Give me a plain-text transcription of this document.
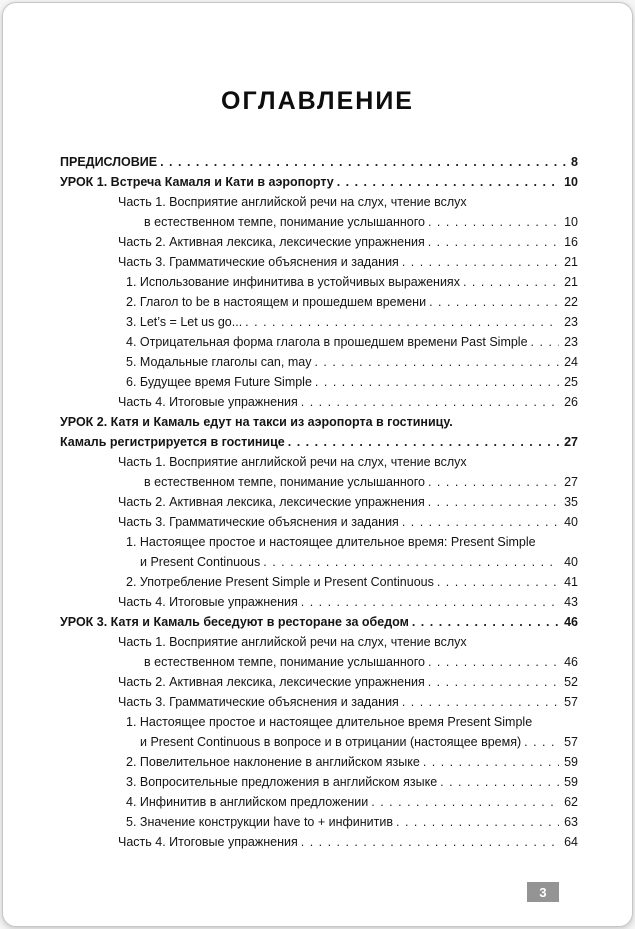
ОГЛАВЛЕНИЕ
ПРЕДИСЛОВИЕ . . .	8
УРОК 1. Встреча Камаля и Кати в аэропорту . . .	10
Часть 1. Восприятие английской речи на слух, чтение вслух
в естественном темпе, понимание услышанного . . .	10
Часть 2. Активная лексика, лексические упражнения . . .	16
Часть 3. Грамматические объяснения и задания . . .	21
1. Использование инфинитива в устойчивых выражениях . . .	21
2. Глагол to be в настоящем и прошедшем времени . . .	22
3. Let’s = Let us go... . . .	23
4. Отрицательная форма глагола в прошедшем времени Past Simple . . .	23
5. Модальные глаголы can, may . . .	24
6. Будущее время Future Simple . . .	25
Часть 4. Итоговые упражнения . . .	26
УРОК 2. Катя и Камаль едут на такси из аэропорта в гостиницу.
Камаль регистрируется в гостинице . . .	27
Часть 1. Восприятие английской речи на слух, чтение вслух
в естественном темпе, понимание услышанного . . .	27
Часть 2. Активная лексика, лексические упражнения . . .	35
Часть 3. Грамматические объяснения и задания . . .	40
1. Настоящее простое и настоящее длительное время: Present Simple
и Present Continuous . . .	40
2. Употребление Present Simple и Present Continuous . . .	41
Часть 4. Итоговые упражнения . . .	43
УРОК 3. Катя и Камаль беседуют в ресторане за обедом . . .	46
Часть 1. Восприятие английской речи на слух, чтение вслух
в естественном темпе, понимание услышанного . . .	46
Часть 2. Активная лексика, лексические упражнения . . .	52
Часть 3. Грамматические объяснения и задания . . .	57
1. Настоящее простое и настоящее длительное время Present Simple
и Present Continuous в вопросе и в отрицании (настоящее время) . . .	57
2. Повелительное наклонение в английском языке . . .	59
3. Вопросительные предложения в английском языке . . .	59
4. Инфинитив в английском предложении . . .	62
5. Значение конструкции have to + инфинитив . . .	63
Часть 4. Итоговые упражнения . . .	64
3
